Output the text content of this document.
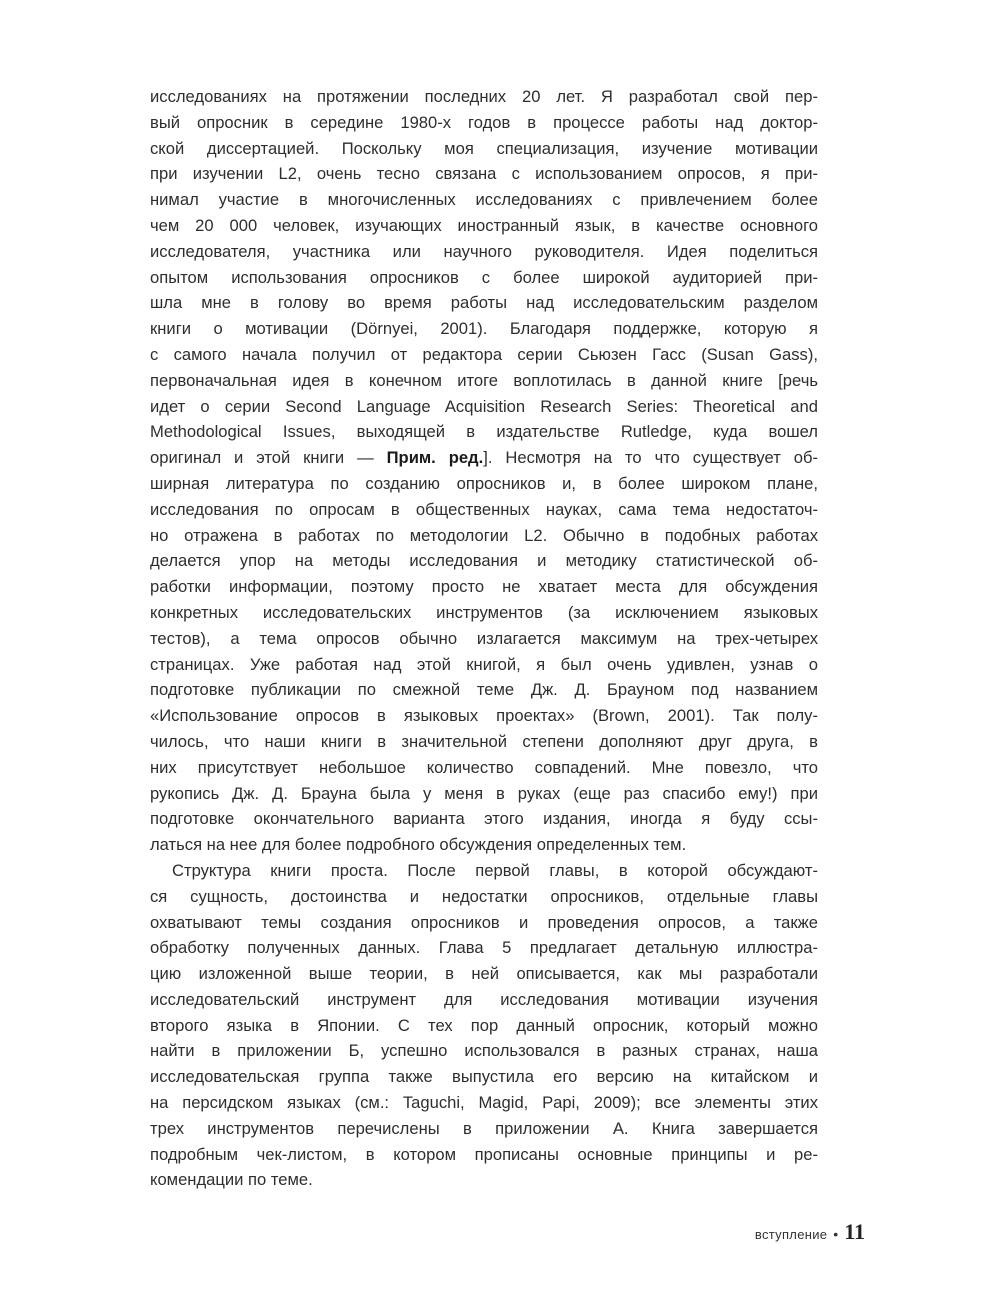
исследованиях на протяжении последних 20 лет. Я разработал свой пер-
вый опросник в середине 1980-х годов в процессе работы над доктор-
ской диссертацией. Поскольку моя специализация, изучение мотивации
при изучении L2, очень тесно связана с использованием опросов, я при-
нимал участие в многочисленных исследованиях с привлечением более
чем 20 000 человек, изучающих иностранный язык, в качестве основного
исследователя, участника или научного руководителя. Идея поделиться
опытом использования опросников с более широкой аудиторией при-
шла мне в голову во время работы над исследовательским разделом
книги о мотивации (Dörnyei, 2001). Благодаря поддержке, которую я
с самого начала получил от редактора серии Сьюзен Гасс (Susan Gass),
первоначальная идея в конечном итоге воплотилась в данной книге [речь
идет о серии Second Language Acquisition Research Series: Theoretical and
Methodological Issues, выходящей в издательстве Rutledge, куда вошел
оригинал и этой книги — Прим. ред.]. Несмотря на то что существует об-
ширная литература по созданию опросников и, в более широком плане,
исследования по опросам в общественных науках, сама тема недостаточ-
но отражена в работах по методологии L2. Обычно в подобных работах
делается упор на методы исследования и методику статистической об-
работки информации, поэтому просто не хватает места для обсуждения
конкретных исследовательских инструментов (за исключением языковых
тестов), а тема опросов обычно излагается максимум на трех-четырех
страницах. Уже работая над этой книгой, я был очень удивлен, узнав о
подготовке публикации по смежной теме Дж. Д. Брауном под названием
«Использование опросов в языковых проектах» (Brown, 2001). Так полу-
чилось, что наши книги в значительной степени дополняют друг друга, в
них присутствует небольшое количество совпадений. Мне повезло, что
рукопись Дж. Д. Брауна была у меня в руках (еще раз спасибо ему!) при
подготовке окончательного варианта этого издания, иногда я буду ссы-
латься на нее для более подробного обсуждения определенных тем.
Структура книги проста. После первой главы, в которой обсуждают-
ся сущность, достоинства и недостатки опросников, отдельные главы
охватывают темы создания опросников и проведения опросов, а также
обработку полученных данных. Глава 5 предлагает детальную иллюстра-
цию изложенной выше теории, в ней описывается, как мы разработали
исследовательский инструмент для исследования мотивации изучения
второго языка в Японии. С тех пор данный опросник, который можно
найти в приложении Б, успешно использовался в разных странах, наша
исследовательская группа также выпустила его версию на китайском и
на персидском языках (см.: Taguchi, Magid, Papi, 2009); все элементы этих
трех инструментов перечислены в приложении А. Книга завершается
подробным чек-листом, в котором прописаны основные принципы и ре-
комендации по теме.
вступление • 11
